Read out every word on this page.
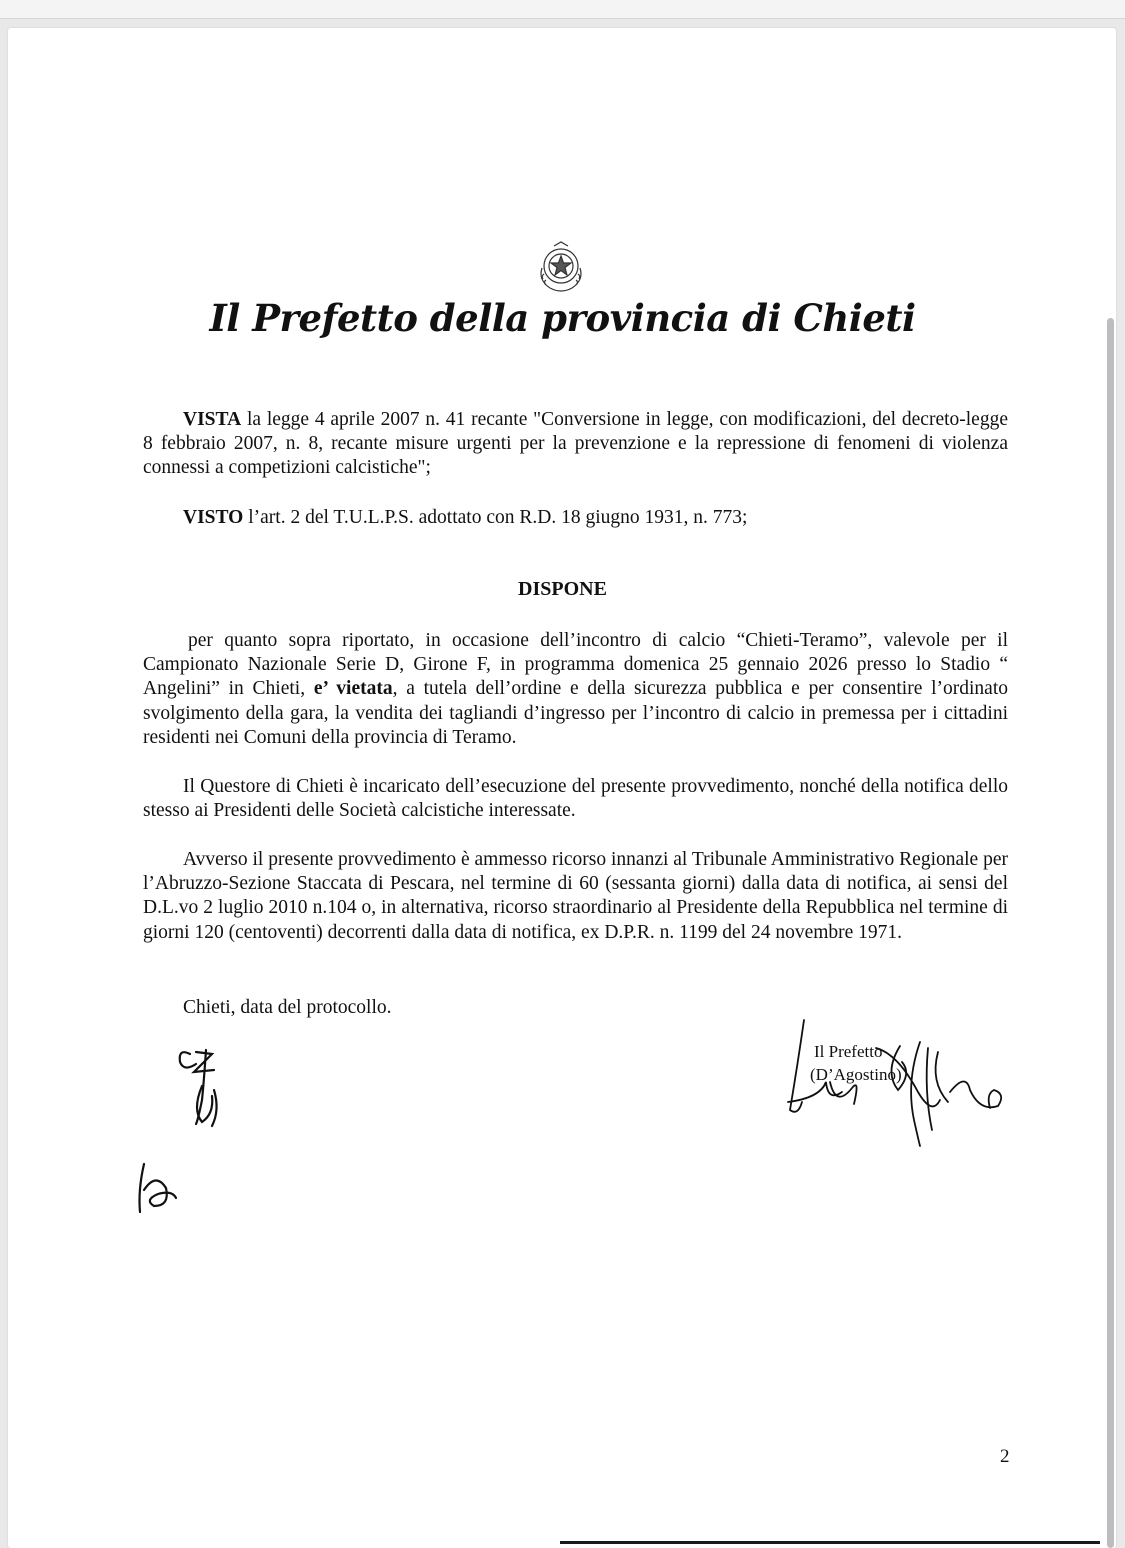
Il Prefetto della provincia di Chieti

VISTA la legge 4 aprile 2007 n. 41 recante "Conversione in legge, con modificazioni, del decreto-legge 8 febbraio 2007, n. 8, recante misure urgenti per la prevenzione e la repressione di fenomeni di violenza connessi a competizioni calcistiche";

VISTO l’art. 2 del T.U.L.P.S. adottato con R.D. 18 giugno 1931, n. 773;

DISPONE

per quanto sopra riportato, in occasione dell’incontro di calcio “Chieti-Teramo”, valevole per il Campionato Nazionale Serie D, Girone F, in programma domenica 25 gennaio 2026 presso lo Stadio “ Angelini” in Chieti, e’ vietata, a tutela dell’ordine e della sicurezza pubblica e per consentire l’ordinato svolgimento della gara, la vendita dei tagliandi d’ingresso per l’incontro di calcio in premessa per i cittadini residenti nei Comuni della provincia di Teramo.

Il Questore di Chieti è incaricato dell’esecuzione del presente provvedimento, nonché della notifica dello stesso ai Presidenti delle Società calcistiche interessate.

Avverso il presente provvedimento è ammesso ricorso innanzi al Tribunale Amministrativo Regionale per l’Abruzzo-Sezione Staccata di Pescara, nel termine di 60 (sessanta giorni) dalla data di notifica, ai sensi del D.L.vo 2 luglio 2010 n.104 o, in alternativa, ricorso straordinario al Presidente della Repubblica nel termine di giorni 120 (centoventi) decorrenti dalla data di notifica, ex D.P.R. n. 1199 del 24 novembre 1971.

Chieti, data del protocollo.

Il Prefetto

(D’Agostino)

2
